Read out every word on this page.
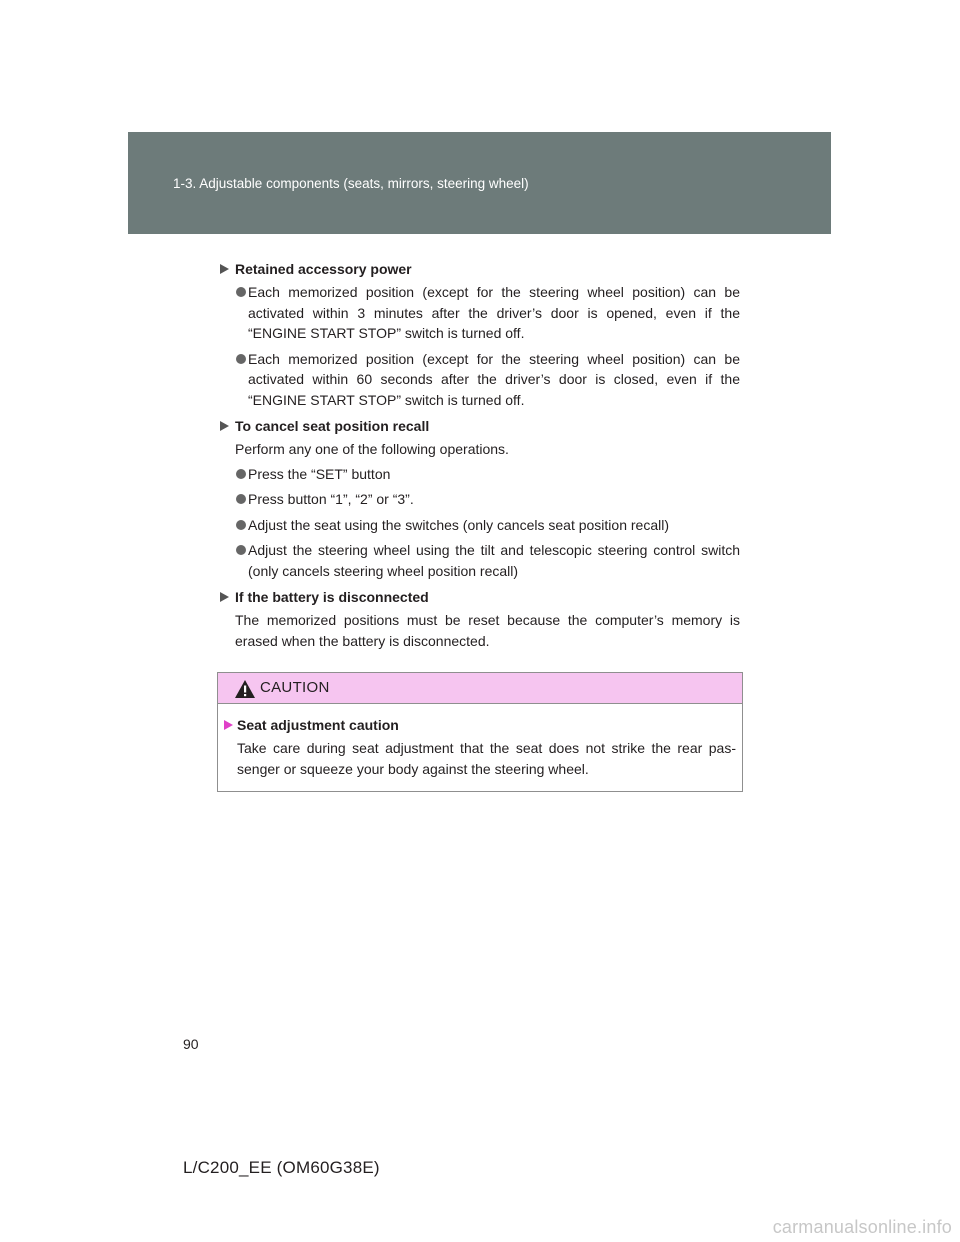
1-3. Adjustable components (seats, mirrors, steering wheel)
Retained accessory power
Each memorized position (except for the steering wheel position) can be activated within 3 minutes after the driver’s door is opened, even if the “ENGINE START STOP” switch is turned off.
Each memorized position (except for the steering wheel position) can be activated within 60 seconds after the driver’s door is closed, even if the “ENGINE START STOP” switch is turned off.
To cancel seat position recall
Perform any one of the following operations.
Press the “SET” button
Press button “1”, “2” or “3”.
Adjust the seat using the switches (only cancels seat position recall)
Adjust the steering wheel using the tilt and telescopic steering control switch (only cancels steering wheel position recall)
If the battery is disconnected
The memorized positions must be reset because the computer’s memory is erased when the battery is disconnected.
CAUTION
Seat adjustment caution
Take care during seat adjustment that the seat does not strike the rear pas-senger or squeeze your body against the steering wheel.
90
L/C200_EE (OM60G38E)
carmanualsonline.info
